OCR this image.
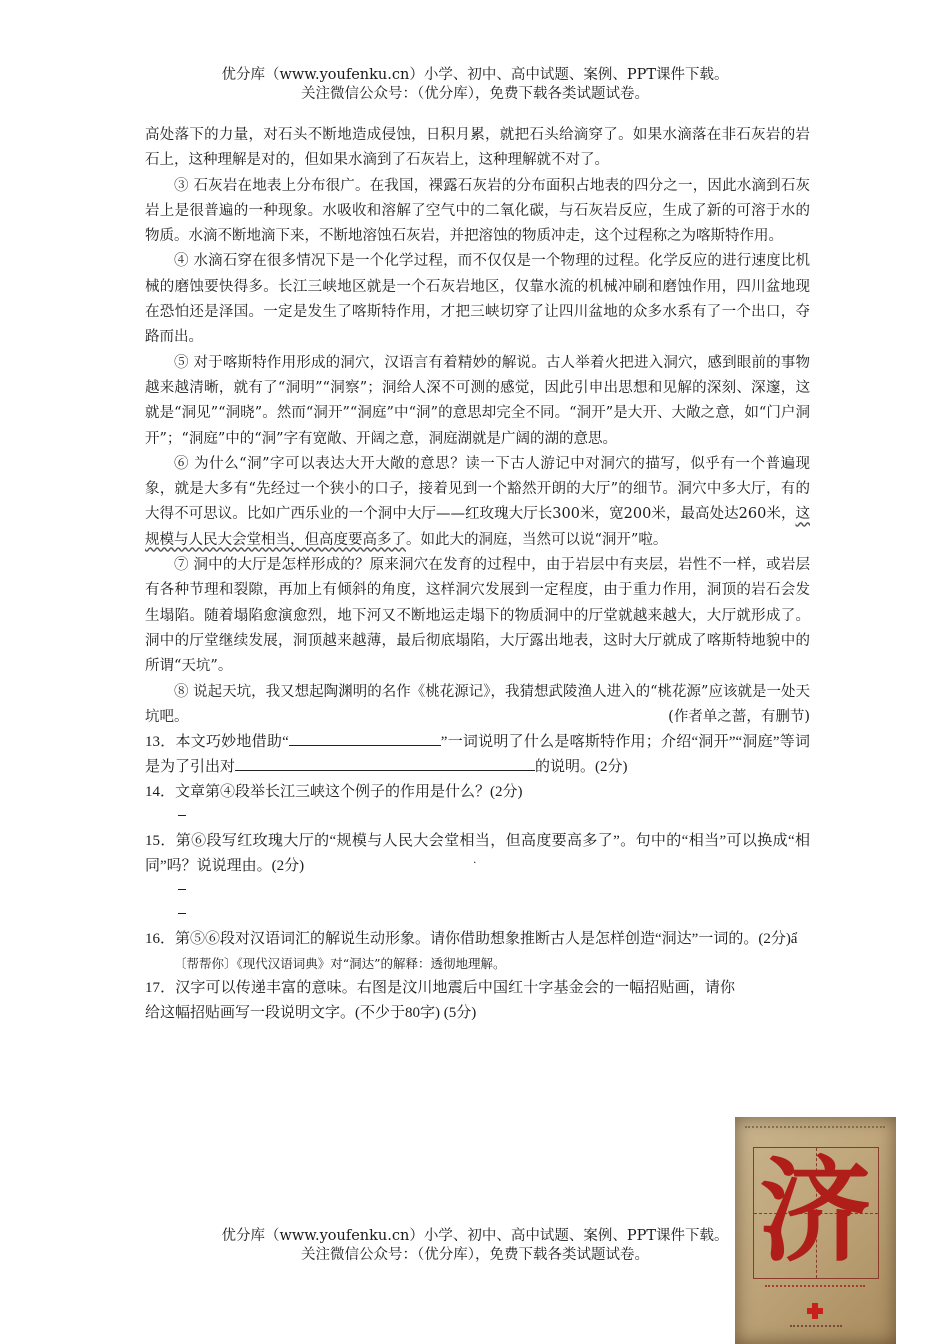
优分库（www.youfenku.cn）小学、初中、高中试题、案例、PPT课件下载。
关注微信公众号：（优分库），免费下载各类试题试卷。

高处落下的力量，对石头不断地造成侵蚀，日积月累，就把石头给滴穿了。如果水滴落在非石灰岩的岩石上，这种理解是对的，但如果水滴到了石灰岩上，这种理解就不对了。

③ 石灰岩在地表上分布很广。在我国，裸露石灰岩的分布面积占地表的四分之一，因此水滴到石灰岩上是很普遍的一种现象。水吸收和溶解了空气中的二氧化碳，与石灰岩反应，生成了新的可溶于水的物质。水滴不断地滴下来，不断地溶蚀石灰岩，并把溶蚀的物质冲走，这个过程称之为喀斯特作用。

④ 水滴石穿在很多情况下是一个化学过程，而不仅仅是一个物理的过程。化学反应的进行速度比机械的磨蚀要快得多。长江三峡地区就是一个石灰岩地区，仅靠水流的机械冲刷和磨蚀作用，四川盆地现在恐怕还是泽国。一定是发生了喀斯特作用，才把三峡切穿了让四川盆地的众多水系有了一个出口，夺路而出。

⑤ 对于喀斯特作用形成的洞穴，汉语言有着精妙的解说。古人举着火把进入洞穴，感到眼前的事物越来越清晰，就有了“洞明”“洞察”；洞给人深不可测的感觉，因此引申出思想和见解的深刻、深邃，这就是“洞见”“洞晓”。然而“洞开”“洞庭”中“洞”的意思却完全不同。“洞开”是大开、大敞之意，如“门户洞开”；“洞庭”中的“洞”字有宽敞、开阔之意，洞庭湖就是广阔的湖的意思。

⑥ 为什么“洞”字可以表达大开大敞的意思？读一下古人游记中对洞穴的描写，似乎有一个普遍现象，就是大多有“先经过一个狭小的口子，接着见到一个豁然开朗的大厅”的细节。洞穴中多大厅，有的大得不可思议。比如广西乐业的一个洞中大厅——红玫瑰大厅长300米，宽200米，最高处达260米，这规模与人民大会堂相当，但高度要高多了。如此大的洞庭，当然可以说“洞开”啦。

⑦ 洞中的大厅是怎样形成的？原来洞穴在发育的过程中，由于岩层中有夹层，岩性不一样，或岩层有各种节理和裂隙，再加上有倾斜的角度，这样洞穴发展到一定程度，由于重力作用，洞顶的岩石会发生塌陷。随着塌陷愈演愈烈，地下河又不断地运走塌下的物质洞中的厅堂就越来越大，大厅就形成了。洞中的厅堂继续发展，洞顶越来越薄，最后彻底塌陷，大厅露出地表，这时大厅就成了喀斯特地貌中的所谓“天坑”。

⑧ 说起天坑，我又想起陶渊明的名作《桃花源记》，我猜想武陵渔人进入的“桃花源”应该就是一处天坑吧。	(作者单之蔷，有删节)

13．本文巧妙地借助“	”一词说明了什么是喀斯特作用；介绍“洞开”“洞庭”等词是为了引出对	的说明。(2分)

14．文章第④段举长江三峡这个例子的作用是什么？(2分)

15．第⑥段写红玫瑰大厅的“规模与人民大会堂相当，但高度要高多了”。句中的“相当”可以换成“相同”吗？说说理由。(2分)

16．第⑤⑥段对汉语词汇的解说生动形象。请你借助想象推断古人是怎样创造“洞达”一词的。(2分)ẩ

〔帮帮你〕《现代汉语词典》对“洞达”的解释：透彻地理解。

17．汉字可以传递丰富的意味。右图是汶川地震后中国红十字基金会的一幅招贴画，请你给这幅招贴画写一段说明文字。(不少于80字) (5分)

济
优分库（www.youfenku.cn）小学、初中、高中试题、案例、PPT课件下载。
关注微信公众号：（优分库），免费下载各类试题试卷。
